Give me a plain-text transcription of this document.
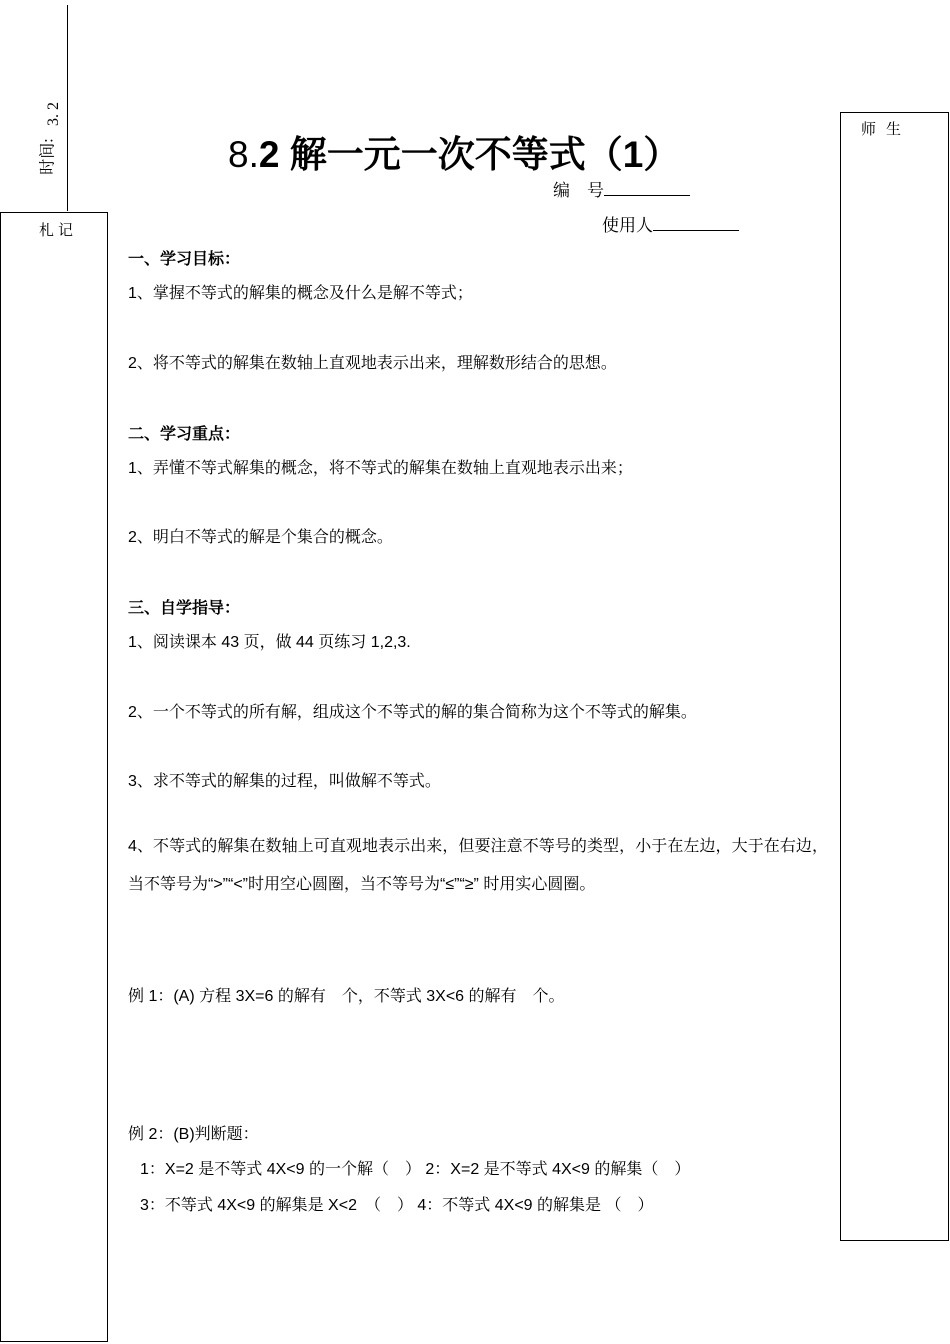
时间:
3. 2
札记
师生
8.2 解一元一次不等式（1）
编　号
使用人
一、学习目标：
1、掌握不等式的解集的概念及什么是解不等式；
2、将不等式的解集在数轴上直观地表示出来，理解数形结合的思想。
二、学习重点：
1、弄懂不等式解集的概念，将不等式的解集在数轴上直观地表示出来；
2、明白不等式的解是个集合的概念。
三、自学指导：
1、阅读课本 43 页，做 44 页练习 1,2,3.
2、一个不等式的所有解，组成这个不等式的解的集合简称为这个不等式的解集。
3、求不等式的解集的过程，叫做解不等式。
4、不等式的解集在数轴上可直观地表示出来，但要注意不等号的类型，小于在左边，大于在右边，当不等号为“>”“<”时用空心圆圈，当不等号为“≤”“≥” 时用实心圆圈。
例 1：(A) 方程 3X=6 的解有　个，不等式 3X<6 的解有　个。
例 2：(B)判断题：
1：X=2 是不等式 4X<9 的一个解（　） 2：X=2 是不等式 4X<9 的解集（　）
3：不等式 4X<9 的解集是 X<2　（　） 4：不等式 4X<9 的解集是 （　）
